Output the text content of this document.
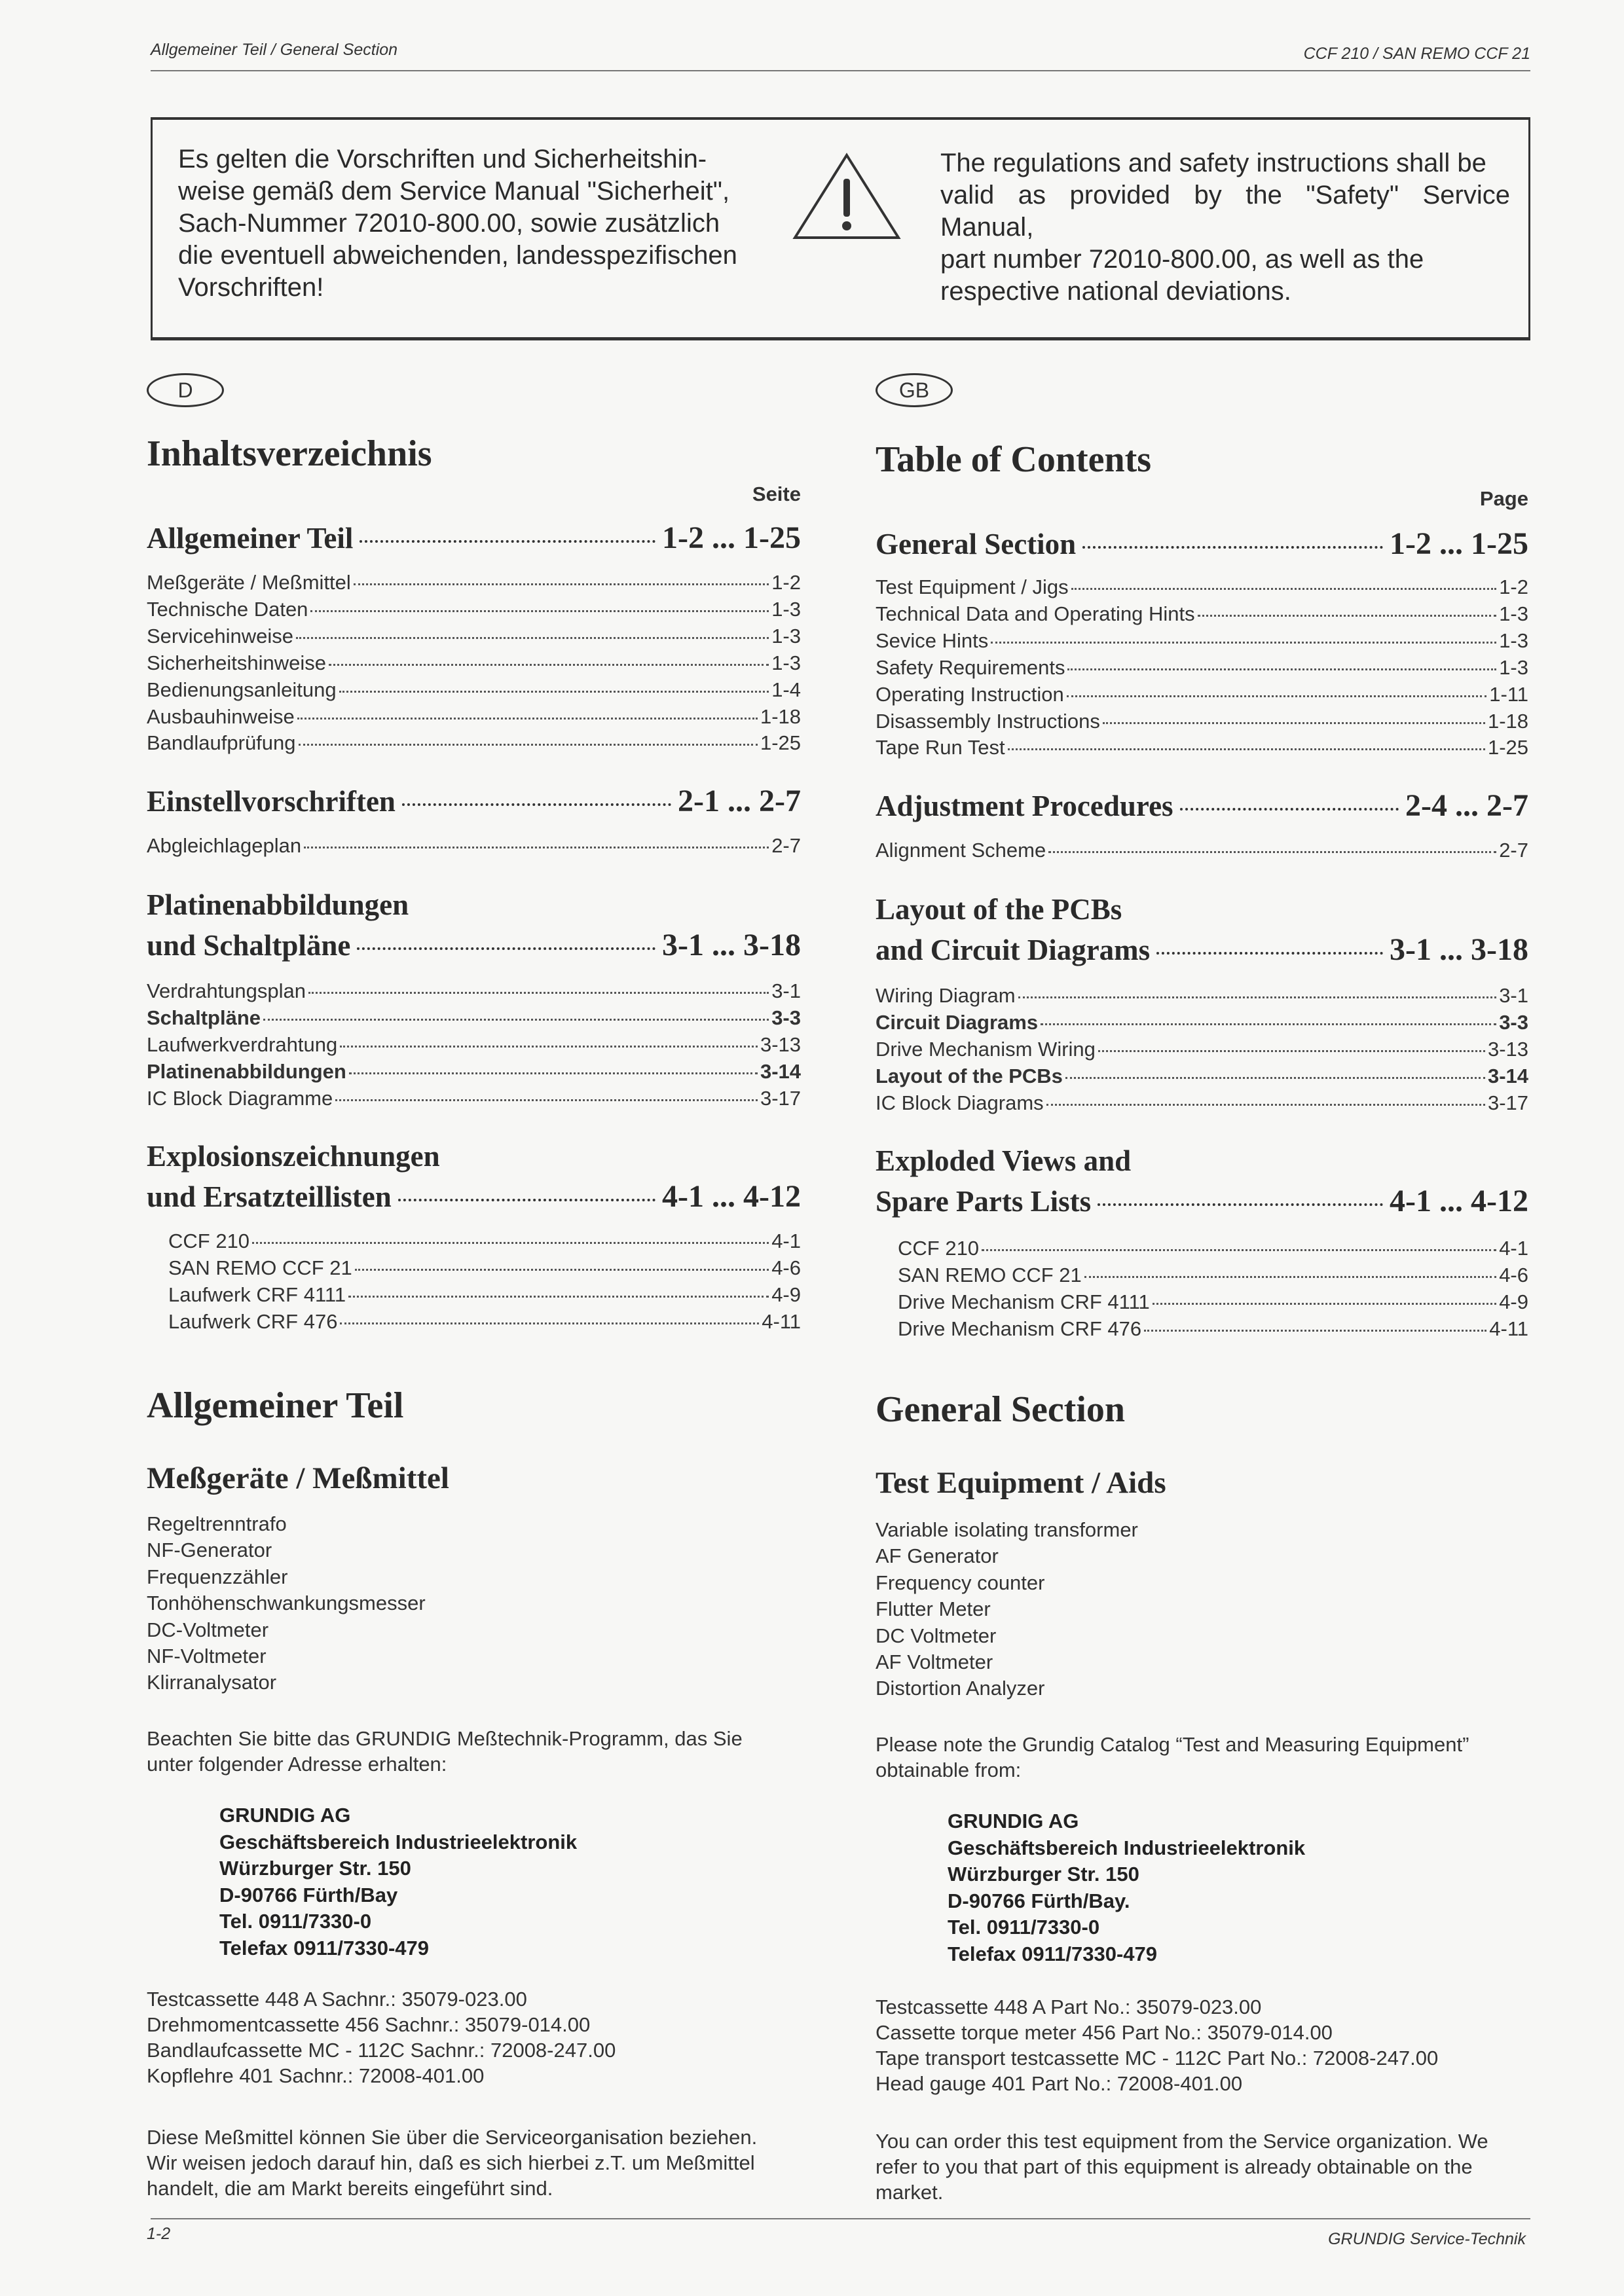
Allgemeiner Teil / General Section	CCF 210 / SAN REMO CCF 21
Es gelten die Vorschriften und Sicherheitshin-
weise gemäß dem Service Manual "Sicherheit",
Sach-Nummer 72010-800.00, sowie zusätzlich
die eventuell abweichenden, landesspezifischen
Vorschriften!
The regulations and safety instructions shall be
valid as provided by the "Safety" Service Manual,
part number 72010-800.00, as well as the
respective national deviations.
D
Inhaltsverzeichnis
Seite
Allgemeiner Teil	1-2 ... 1-25
Meßgeräte / Meßmittel	1-2
Technische Daten	1-3
Servicehinweise	1-3
Sicherheitshinweise	1-3
Bedienungsanleitung	1-4
Ausbauhinweise	1-18
Bandlaufprüfung	1-25
Einstellvorschriften	2-1 ... 2-7
Abgleichlageplan	2-7
Platinenabbildungen
und Schaltpläne	3-1 ... 3-18
Verdrahtungsplan	3-1
Schaltpläne	3-3
Laufwerkverdrahtung	3-13
Platinenabbildungen	3-14
IC Block Diagramme	3-17
Explosionszeichnungen
und Ersatzteillisten	4-1 ... 4-12
CCF 210	4-1
SAN REMO CCF 21	4-6
Laufwerk CRF 4111	4-9
Laufwerk CRF 476	4-11
Allgemeiner Teil
Meßgeräte / Meßmittel
Regeltrenntrafo
NF-Generator
Frequenzzähler
Tonhöhenschwankungsmesser
DC-Voltmeter
NF-Voltmeter
Klirranalysator
Beachten Sie bitte das GRUNDIG Meßtechnik-Programm, das Sie
unter folgender Adresse erhalten:
GRUNDIG AG
Geschäftsbereich Industrieelektronik
Würzburger Str. 150
D-90766 Fürth/Bay
Tel. 0911/7330-0
Telefax 0911/7330-479
Testcassette 448 A Sachnr.: 35079-023.00
Drehmomentcassette 456 Sachnr.: 35079-014.00
Bandlaufcassette MC - 112C Sachnr.: 72008-247.00
Kopflehre 401 Sachnr.: 72008-401.00
Diese Meßmittel können Sie über die Serviceorganisation beziehen.
Wir weisen jedoch darauf hin, daß es sich hierbei z.T. um Meßmittel
handelt, die am Markt bereits eingeführt sind.
GB
Table of Contents
Page
General Section	1-2 ... 1-25
Test Equipment / Jigs	1-2
Technical Data and Operating Hints	1-3
Sevice Hints	1-3
Safety Requirements	1-3
Operating Instruction	1-11
Disassembly Instructions	1-18
Tape Run Test	1-25
Adjustment Procedures	2-4 ... 2-7
Alignment Scheme	2-7
Layout of the PCBs
and Circuit Diagrams	3-1 ... 3-18
Wiring Diagram	3-1
Circuit Diagrams	3-3
Drive Mechanism Wiring	3-13
Layout of the PCBs	3-14
IC Block Diagrams	3-17
Exploded Views and
Spare Parts Lists	4-1 ... 4-12
CCF 210	4-1
SAN REMO CCF 21	4-6
Drive Mechanism CRF 4111	4-9
Drive Mechanism CRF 476	4-11
General Section
Test Equipment / Aids
Variable isolating transformer
AF Generator
Frequency counter
Flutter Meter
DC Voltmeter
AF Voltmeter
Distortion Analyzer
Please note the Grundig Catalog “Test and Measuring Equipment”
obtainable from:
GRUNDIG AG
Geschäftsbereich Industrieelektronik
Würzburger Str. 150
D-90766 Fürth/Bay.
Tel. 0911/7330-0
Telefax 0911/7330-479
Testcassette 448 A Part No.: 35079-023.00
Cassette torque meter 456 Part No.: 35079-014.00
Tape transport testcassette MC - 112C Part No.: 72008-247.00
Head gauge 401 Part No.: 72008-401.00
You can order this test equipment from the Service organization. We
refer to you that part of this equipment is already obtainable on the
market.
1-2	GRUNDIG Service-Technik
